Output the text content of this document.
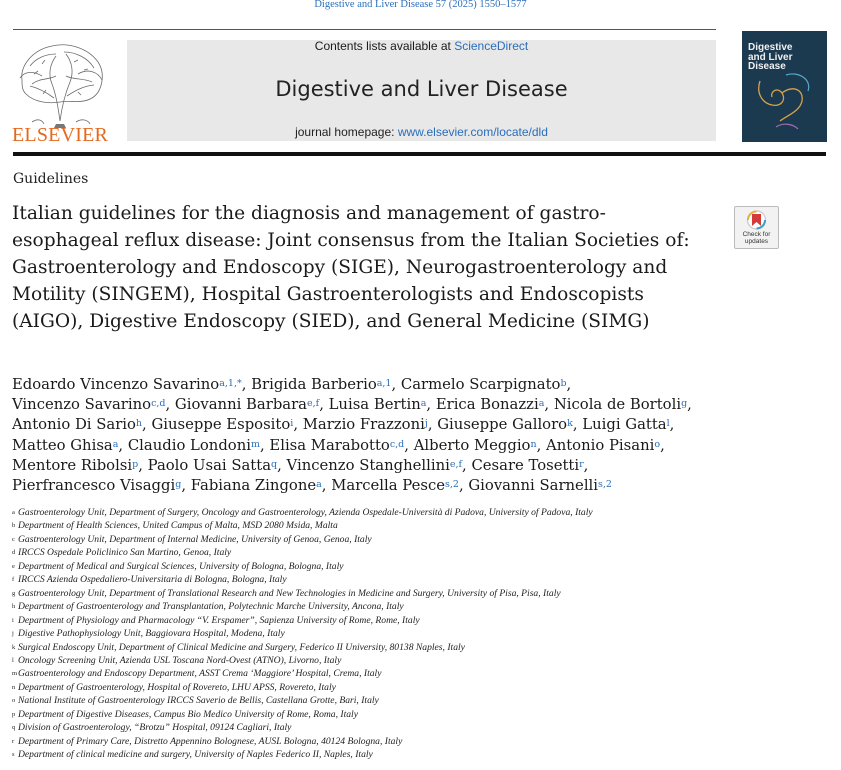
Digestive and Liver Disease 57 (2025) 1550–1577
ELSEVIER
Contents lists available at ScienceDirect
Digestive and Liver Disease
journal homepage: www.elsevier.com/locate/dld
Digestive
and Liver
Disease
Guidelines
Italian guidelines for the diagnosis and management of gastro-esophageal reflux disease: Joint consensus from the Italian Societies of: Gastroenterology and Endoscopy (SIGE), Neurogastroenterology and Motility (SINGEM), Hospital Gastroenterologists and Endoscopists (AIGO), Digestive Endoscopy (SIED), and General Medicine (SIMG)
Check for
updates
Edoardo Vincenzo Savarino$^{a,1,*}$, Brigida Barberio$^{a,1}$, Carmelo Scarpignato$^b$,
Vincenzo Savarino$^{c,d}$, Giovanni Barbara$^{e,f}$, Luisa Bertin$^a$, Erica Bonazzi$^a$, Nicola de Bortoli$^g$,
Antonio Di Sario$^h$, Giuseppe Esposito$^i$, Marzio Frazzoni$^j$, Giuseppe Galloro$^k$, Luigi Gatta$^l$,
Matteo Ghisa$^a$, Claudio Londoni$^m$, Elisa Marabotto$^{c,d}$, Alberto Meggio$^n$, Antonio Pisani$^o$,
Mentore Ribolsi$^p$, Paolo Usai Satta$^q$, Vincenzo Stanghellini$^{e,f}$, Cesare Tosetti$^r$,
Pierfrancesco Visaggi$^g$, Fabiana Zingone$^a$, Marcella Pesce$^{s,2}$, Giovanni Sarnelli$^{s,2}$
a Gastroenterology Unit, Department of Surgery, Oncology and Gastroenterology, Azienda Ospedale-Università di Padova, University of Padova, Italy
b Department of Health Sciences, United Campus of Malta, MSD 2080 Msida, Malta
c Gastroenterology Unit, Department of Internal Medicine, University of Genoa, Genoa, Italy
d IRCCS Ospedale Policlinico San Martino, Genoa, Italy
e Department of Medical and Surgical Sciences, University of Bologna, Bologna, Italy
f IRCCS Azienda Ospedaliero-Universitaria di Bologna, Bologna, Italy
g Gastroenterology Unit, Department of Translational Research and New Technologies in Medicine and Surgery, University of Pisa, Pisa, Italy
h Department of Gastroenterology and Transplantation, Polytechnic Marche University, Ancona, Italy
i Department of Physiology and Pharmacology “V. Erspamer”, Sapienza University of Rome, Rome, Italy
j Digestive Pathophysiology Unit, Baggiovara Hospital, Modena, Italy
k Surgical Endoscopy Unit, Department of Clinical Medicine and Surgery, Federico II University, 80138 Naples, Italy
l Oncology Screening Unit, Azienda USL Toscana Nord-Ovest (ATNO), Livorno, Italy
mGastroenterology and Endoscopy Department, ASST Crema ‘Maggiore’ Hospital, Crema, Italy
n Department of Gastroenterology, Hospital of Rovereto, LHU APSS, Rovereto, Italy
o National Institute of Gastroenterology IRCCS Saverio de Bellis, Castellana Grotte, Bari, Italy
p Department of Digestive Diseases, Campus Bio Medico University of Rome, Roma, Italy
q Division of Gastroenterology, “Brotzu” Hospital, 09124 Cagliari, Italy
r Department of Primary Care, Distretto Appennino Bolognese, AUSL Bologna, 40124 Bologna, Italy
s Department of clinical medicine and surgery, University of Naples Federico II, Naples, Italy
